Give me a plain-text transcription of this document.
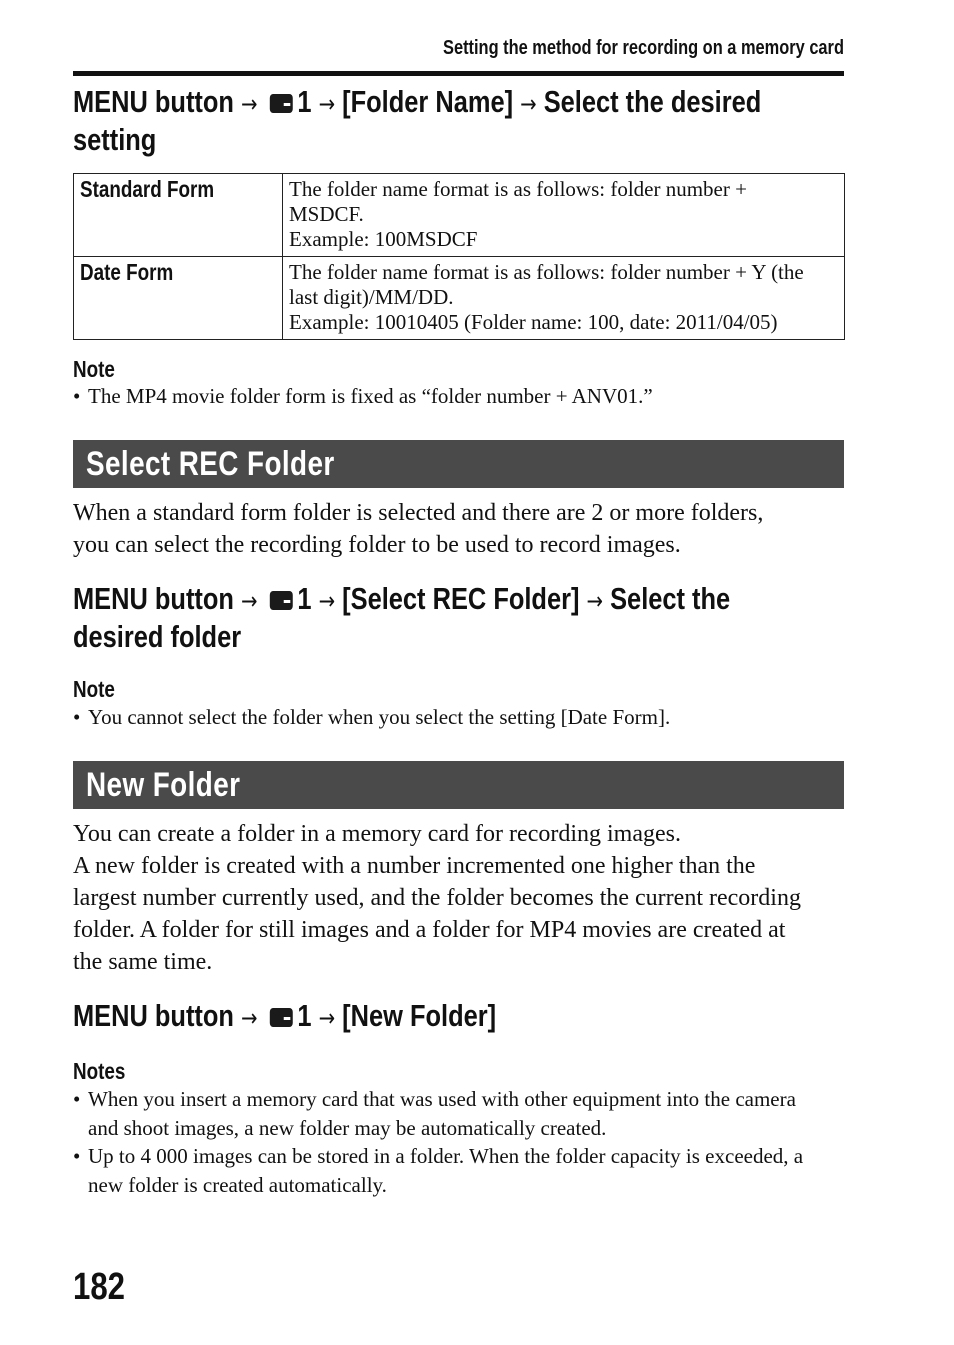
Setting the method for recording on a memory card
MENU button → 1 → [Folder Name] → Select the desired
setting
Standard Form	The folder name format is as follows: folder number +
MSDCF.
Example: 100MSDCF

Date Form	The folder name format is as follows: folder number + Y (the
last digit)/MM/DD.
Example: 10010405 (Folder name: 100, date: 2011/04/05)
Note
• The MP4 movie folder form is fixed as “folder number + ANV01.”
Select REC Folder

When a standard form folder is selected and there are 2 or more folders,

you can select the recording folder to be used to record images.

MENU button → 1 → [Select REC Folder] → Select the
desired folder
Note
• You cannot select the folder when you select the setting [Date Form].
New Folder

You can create a folder in a memory card for recording images.

A new folder is created with a number incremented one higher than the

largest number currently used, and the folder becomes the current recording

folder. A folder for still images and a folder for MP4 movies are created at

the same time.

MENU button → 1 → [New Folder]
Notes
• When you insert a memory card that was used with other equipment into the camera
and shoot images, a new folder may be automatically created.
• Up to 4 000 images can be stored in a folder. When the folder capacity is exceeded, a
new folder is created automatically.
182
